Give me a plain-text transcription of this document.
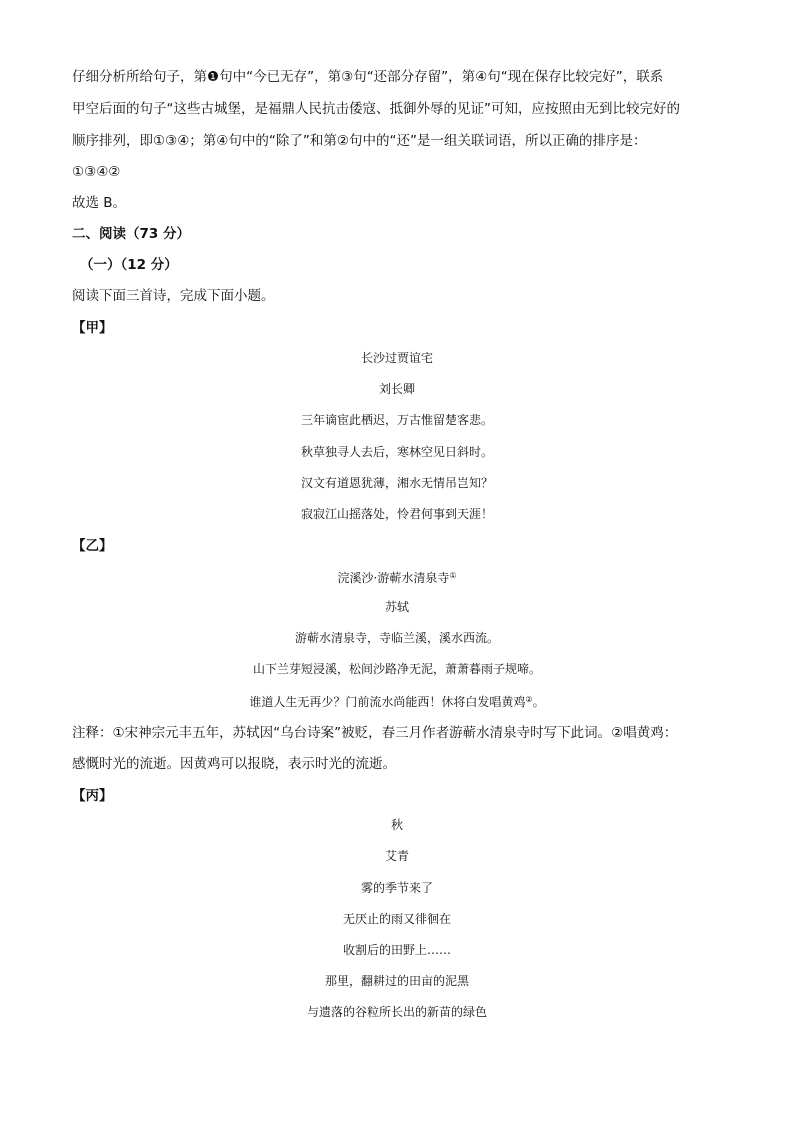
仔细分析所给句子，第❶句中“今已无存”，第③句“还部分存留”，第④句“现在保存比较完好”，联系
甲空后面的句子“这些古城堡，是福鼎人民抗击倭寇、抵御外辱的见证”可知，应按照由无到比较完好的
顺序排列，即①③④；第④句中的“除了”和第②句中的“还”是一组关联词语，所以正确的排序是：
①③④②
故选 B。
二、阅读（73 分）
（一）（12 分）
阅读下面三首诗，完成下面小题。
【甲】
长沙过贾谊宅
刘长卿
三年谪宦此栖迟，万古惟留楚客悲。
秋草独寻人去后，寒林空见日斜时。
汉文有道恩犹薄，湘水无情吊岂知？
寂寂江山摇落处，怜君何事到天涯！
【乙】
浣溪沙·游蕲水清泉寺①
苏轼
游蕲水清泉寺，寺临兰溪，溪水西流。
山下兰芽短浸溪，松间沙路净无泥，萧萧暮雨子规啼。
谁道人生无再少？门前流水尚能西！休将白发唱黄鸡②。
注释：①宋神宗元丰五年，苏轼因“乌台诗案”被贬，春三月作者游蕲水清泉寺时写下此词。②唱黄鸡：
感慨时光的流逝。因黄鸡可以报晓，表示时光的流逝。
【丙】
秋
艾青
雾的季节来了
无厌止的雨又徘徊在
收割后的田野上……
那里，翻耕过的田亩的泥黑
与遗落的谷粒所长出的新苗的绿色
